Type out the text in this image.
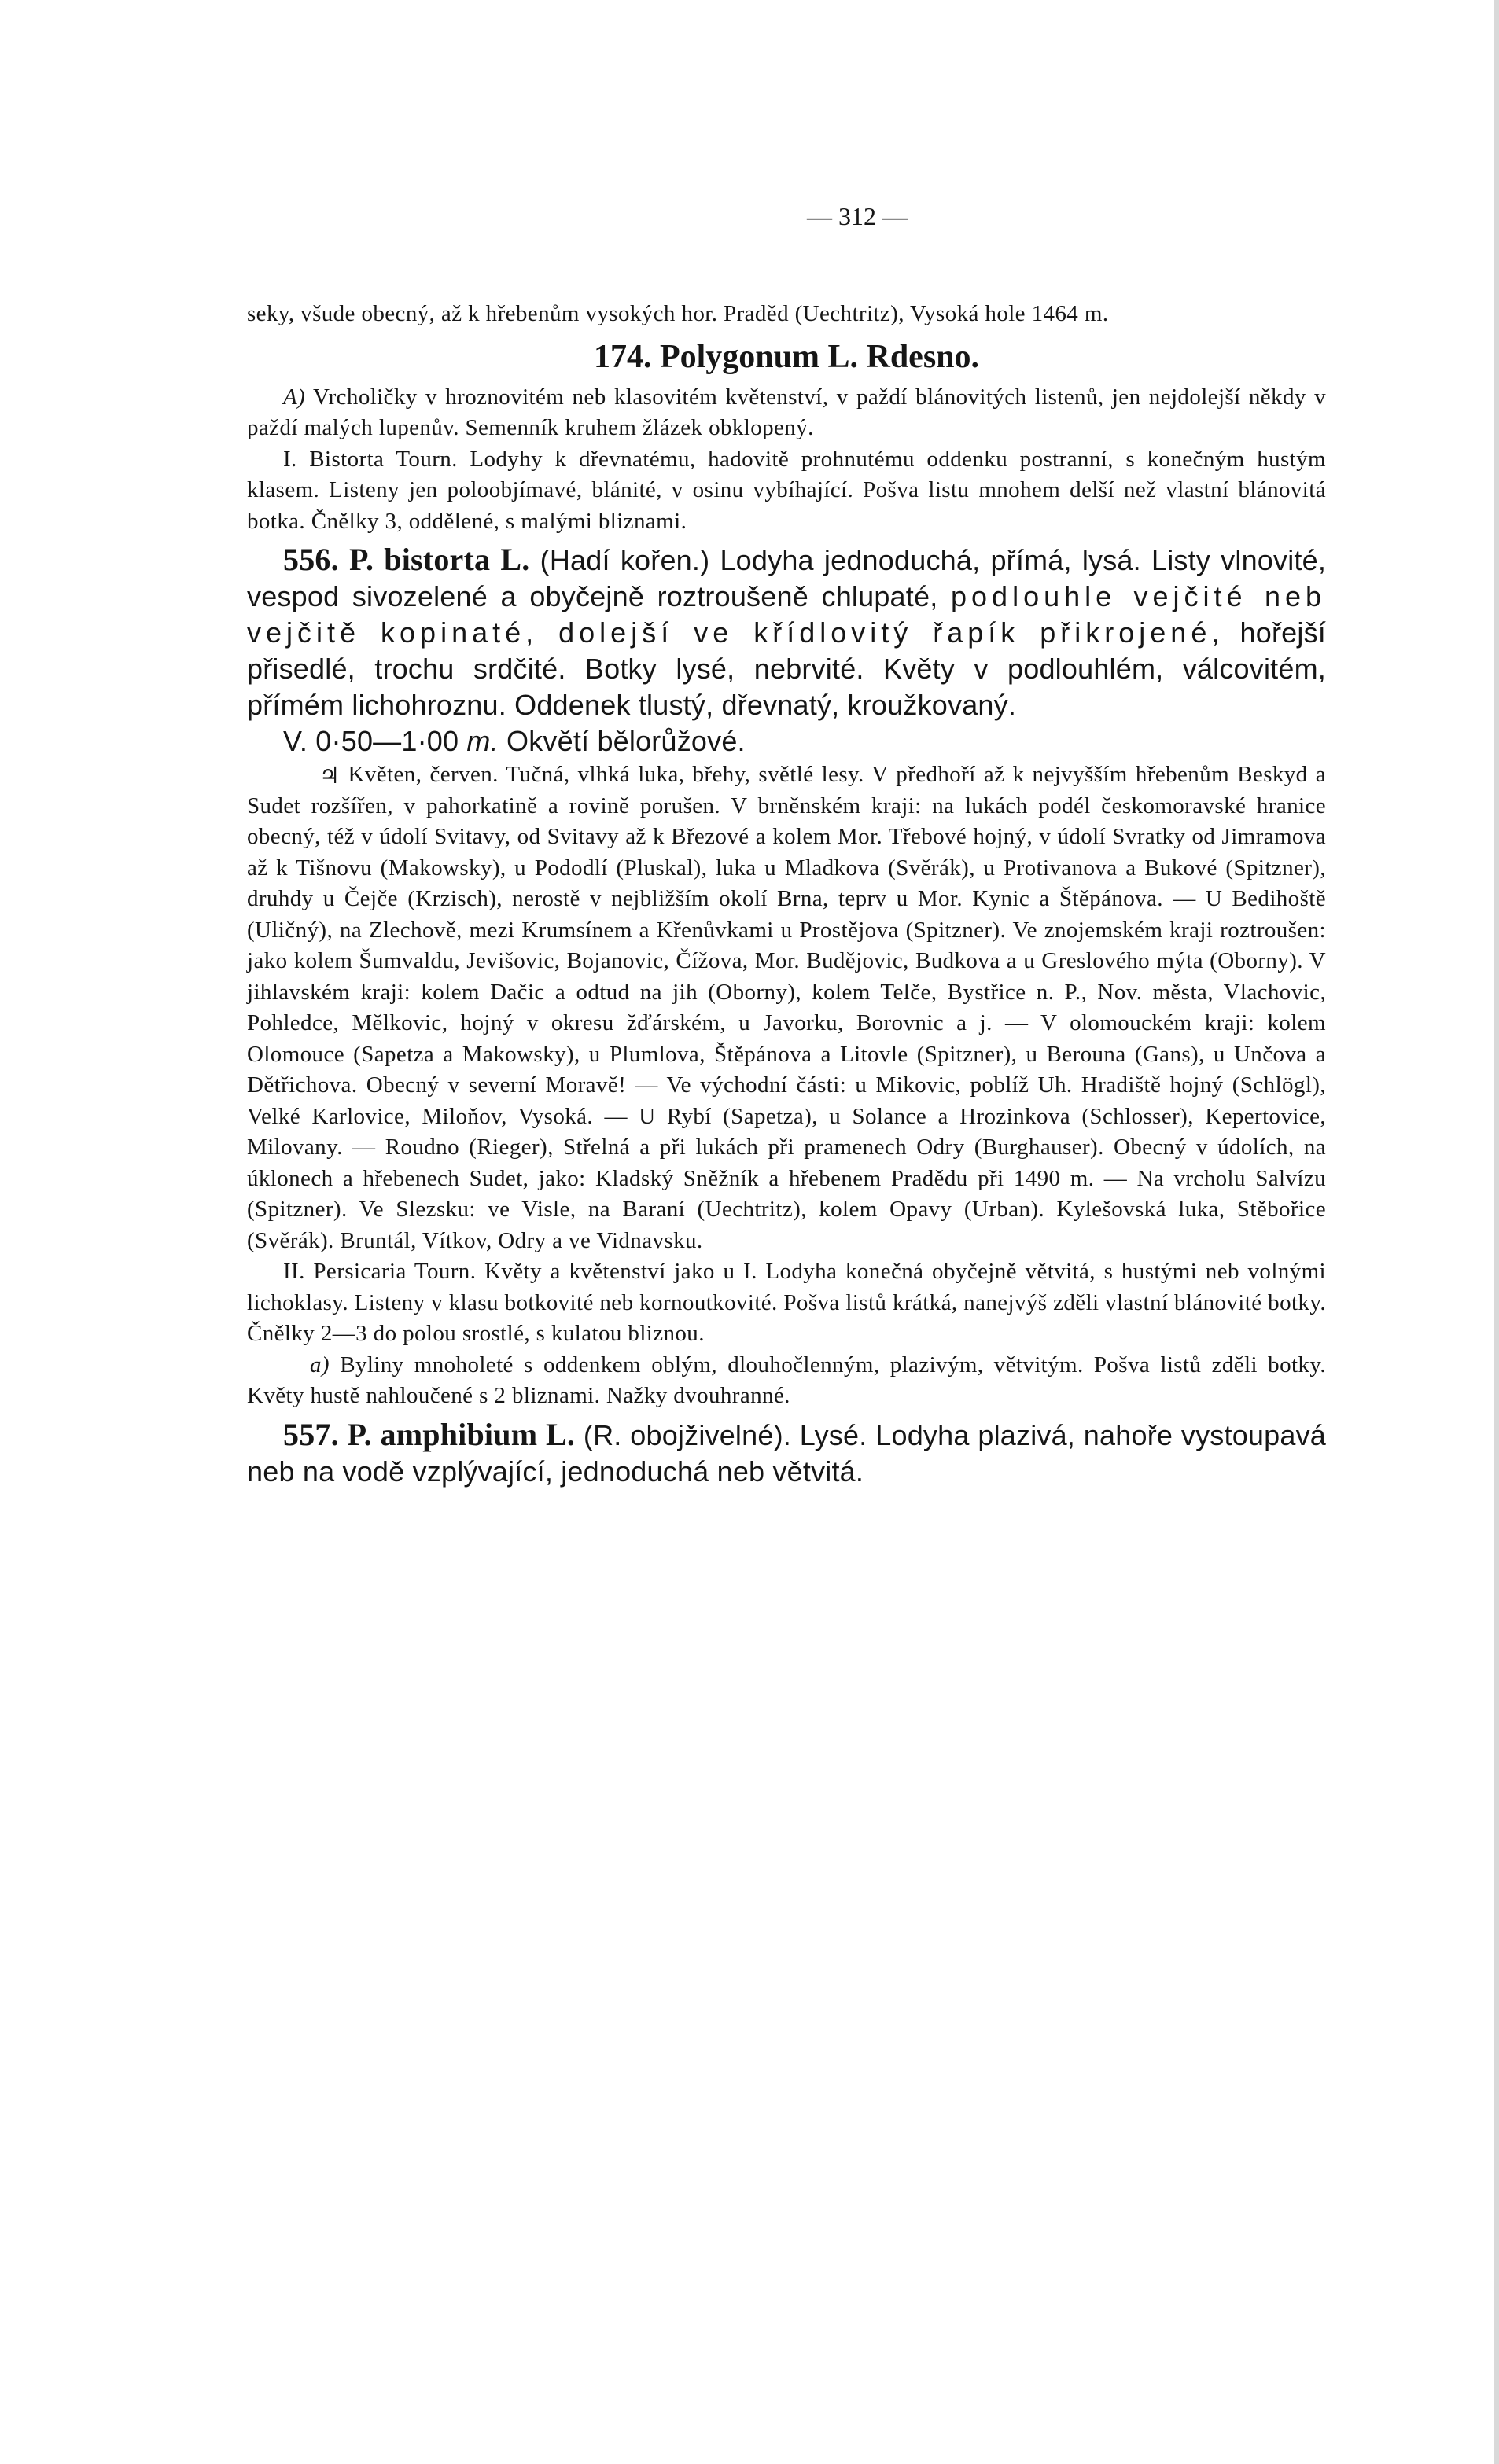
— 312 —

seky, všude obecný, až k hřebenům vysokých hor. Praděd (Uechtritz), Vysoká hole 1464 m.

174. Polygonum L. Rdesno.

A) Vrcholičky v hroznovitém neb klasovitém květenství, v paždí blánovitých listenů, jen nejdolejší někdy v paždí malých lupenův. Semenník kruhem žlázek obklopený.

I. Bistorta Tourn. Lodyhy k dřevnatému, hadovitě prohnutému oddenku postranní, s konečným hustým klasem. Listeny jen poloobjímavé, blánité, v osinu vybíhající. Pošva listu mnohem delší než vlastní blánovitá botka. Čnělky 3, oddělené, s malými bliznami.

556. P. bistorta L. (Hadí kořen.) Lodyha jednoduchá, přímá, lysá. Listy vlnovité, vespod sivozelené a obyčejně roztroušeně chlupaté, podlouhle vejčité neb vejčitě kopinaté, dolejší ve křídlovitý řapík přikrojené, hořejší přisedlé, trochu srdčité. Botky lysé, nebrvité. Květy v podlouhlém, válcovitém, přímém lichohroznu. Oddenek tlustý, dřevnatý, kroužkovaný.

V. 0·50—1·00 m. Okvětí bělorůžové.

♃ Květen, červen. Tučná, vlhká luka, břehy, světlé lesy. V předhoří až k nejvyšším hřebenům Beskyd a Sudet rozšířen, v pahorkatině a rovině porušen. V brněnském kraji: na lukách podél českomoravské hranice obecný, též v údolí Svitavy, od Svitavy až k Březové a kolem Mor. Třebové hojný, v údolí Svratky od Jimramova až k Tišnovu (Makowsky), u Pododlí (Pluskal), luka u Mladkova (Svěrák), u Protivanova a Bukové (Spitzner), druhdy u Čejče (Krzisch), nerostě v nejbližším okolí Brna, teprv u Mor. Kynic a Štěpánova. — U Bedihoště (Uličný), na Zlechově, mezi Krumsínem a Křenůvkami u Prostějova (Spitzner). Ve znojemském kraji roztroušen: jako kolem Šumvaldu, Jevišovic, Bojanovic, Čížova, Mor. Budějovic, Budkova a u Greslového mýta (Oborny). V jihlavském kraji: kolem Dačic a odtud na jih (Oborny), kolem Telče, Bystřice n. P., Nov. města, Vlachovic, Pohledce, Mělkovic, hojný v okresu žďárském, u Javorku, Borovnic a j. — V olomouckém kraji: kolem Olomouce (Sapetza a Makowsky), u Plumlova, Štěpánova a Litovle (Spitzner), u Berouna (Gans), u Unčova a Dětřichova. Obecný v severní Moravě! — Ve východní části: u Mikovic, poblíž Uh. Hradiště hojný (Schlögl), Velké Karlovice, Miloňov, Vysoká. — U Rybí (Sapetza), u Solance a Hrozinkova (Schlosser), Kepertovice, Milovany. — Roudno (Rieger), Střelná a při lukách při pramenech Odry (Burghauser). Obecný v údolích, na úklonech a hřebenech Sudet, jako: Kladský Sněžník a hřebenem Pradědu při 1490 m. — Na vrcholu Salvízu (Spitzner). Ve Slezsku: ve Visle, na Baraní (Uechtritz), kolem Opavy (Urban). Kylešovská luka, Stěbořice (Svěrák). Bruntál, Vítkov, Odry a ve Vidnavsku.

II. Persicaria Tourn. Květy a květenství jako u I. Lodyha konečná obyčejně větvitá, s hustými neb volnými lichoklasy. Listeny v klasu botkovité neb kornoutkovité. Pošva listů krátká, nanejvýš zděli vlastní blánovité botky. Čnělky 2—3 do polou srostlé, s kulatou bliznou.

a) Byliny mnoholeté s oddenkem oblým, dlouhočlenným, plazivým, větvitým. Pošva listů zděli botky. Květy hustě nahloučené s 2 bliznami. Nažky dvouhranné.

557. P. amphibium L. (R. obojživelné). Lysé. Lodyha plazivá, nahoře vystoupavá neb na vodě vzplývající, jednoduchá neb větvitá.
